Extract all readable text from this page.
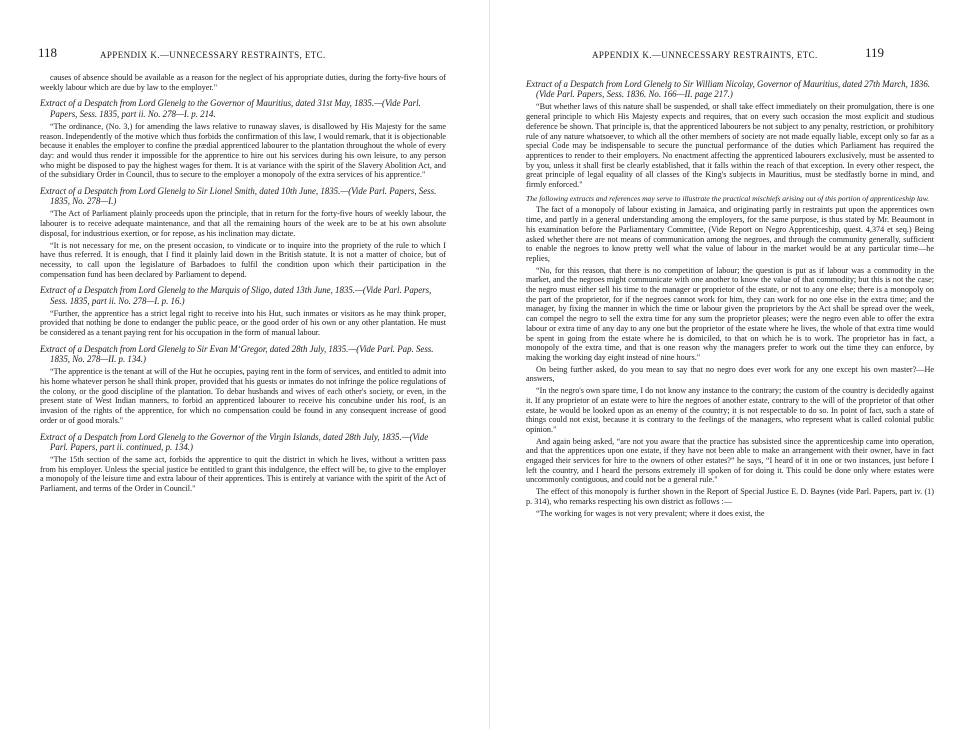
118	APPENDIX K.—UNNECESSARY RESTRAINTS, ETC.

causes of absence should be available as a reason for the neglect of his appropriate duties, during the forty-five hours of weekly labour which are due by law to the employer."

Extract of a Despatch from Lord Glenelg to the Governor of Mauritius, dated 31st May, 1835.—(Vide Parl. Papers, Sess. 1835, part ii. No. 278—I. p. 214.

“The ordinance, (No. 3,) for amending the laws relative to runaway slaves, is disallowed by His Majesty for the same reason. Independently of the motive which thus forbids the confirmation of this law, I would remark, that it is objectionable because it enables the employer to confine the prædial apprenticed labourer to the plantation throughout the whole of every day: and would thus render it impossible for the apprentice to hire out his services during his own leisure, to any person who might be disposed to pay the highest wages for them. It is at variance with the spirit of the Slavery Abolition Act, and of the subsidiary Order in Council, thus to secure to the employer a monopoly of the extra services of his apprentice."

Extract of a Despatch from Lord Glenelg to Sir Lionel Smith, dated 10th June, 1835.—(Vide Parl. Papers, Sess. 1835, No. 278—I.)

“The Act of Parliament plainly proceeds upon the principle, that in return for the forty-five hours of weekly labour, the labourer is to receive adequate maintenance, and that all the remaining hours of the week are to be at his own absolute disposal, for industrious exertion, or for repose, as his inclination may dictate.

“It is not necessary for me, on the present occasion, to vindicate or to inquire into the propriety of the rule to which I have thus referred. It is enough, that I find it plainly laid down in the British statute. It is not a matter of choice, but of necessity, to call upon the legislature of Barbadoes to fulfil the condition upon which their participation in the compensation fund has been declared by Parliament to depend.

Extract of a Despatch from Lord Glenelg to the Marquis of Sligo, dated 13th June, 1835.—(Vide Parl. Papers, Sess. 1835, part ii. No. 278—I. p. 16.)

“Further, the apprentice has a strict legal right to receive into his Hut, such inmates or visitors as he may think proper, provided that nothing be done to endanger the public peace, or the good order of his own or any other plantation. He must be considered as a tenant paying rent for his occupation in the form of manual labour.

Extract of a Despatch from Lord Glenelg to Sir Evan M‘Gregor, dated 28th July, 1835.—(Vide Parl. Pap. Sess. 1835, No. 278—II. p. 134.)

“The apprentice is the tenant at will of the Hut he occupies, paying rent in the form of services, and entitled to admit into his home whatever person he shall think proper, provided that his guests or inmates do not infringe the police regulations of the colony, or the good discipline of the plantation. To debar husbands and wives of each other's society, or even, in the present state of West Indian manners, to forbid an apprenticed labourer to receive his concubine under his roof, is an invasion of the rights of the apprentice, for which no compensation could be found in any consequent increase of good order or of good morals."

Extract of a Despatch from Lord Glenelg to the Governor of the Virgin Islands, dated 28th July, 1835.—(Vide Parl. Papers, part ii. continued, p. 134.)

“The 15th section of the same act, forbids the apprentice to quit the district in which he lives, without a written pass from his employer. Unless the special justice be entitled to grant this indulgence, the effect will be, to give to the employer a monopoly of the leisure time and extra labour of their apprentices. This is entirely at variance with the spirit of the Act of Parliament, and terms of the Order in Council."

119
APPENDIX K.—UNNECESSARY RESTRAINTS, ETC.

Extract of a Despatch from Lord Glenelg to Sir William Nicolay, Governor of Mauritius, dated 27th March, 1836. (Vide Parl. Papers, Sess. 1836. No. 166—II. page 217.)

“But whether laws of this nature shall be suspended, or shall take effect immediately on their promulgation, there is one general principle to which His Majesty expects and requires, that on every such occasion the most explicit and studious deference be shown. That principle is, that the apprenticed labourers be not subject to any penalty, restriction, or prohibitory rule of any nature whatsoever, to which all the other members of society are not made equally liable, except only so far as a special Code may be indispensable to secure the punctual performance of the duties which Parliament has required the apprentices to render to their employers. No enactment affecting the apprenticed labourers exclusively, must be assented to by you, unless it shall first be clearly established, that it falls within the reach of that exception. In every other respect, the great principle of legal equality of all classes of the King's subjects in Mauritius, must be stedfastly borne in mind, and firmly enforced."

The following extracts and references may serve to illustrate the practical mischiefs arising out of this portion of apprenticeship law.

The fact of a monopoly of labour existing in Jamaica, and originating partly in restraints put upon the apprentices own time, and partly in a general understanding among the employers, for the same purpose, is thus stated by Mr. Beaumont in his examination before the Parliamentary Committee, (Vide Report on Negro Apprenticeship, quest. 4,374 et seq.) Being asked whether there are not means of communication among the negroes, and through the community generally, sufficient to enable the negroes to know pretty well what the value of labour in the market would be at any particular time—he replies,

“No, for this reason, that there is no competition of labour; the question is put as if labour was a commodity in the market, and the negroes might communicate with one another to know the value of that commodity; but this is not the case; the negro must either sell his time to the manager or proprietor of the estate, or not to any one else; there is a monopoly on the part of the proprietor, for if the negroes cannot work for him, they can work for no one else in the extra time; and the manager, by fixing the manner in which the time or labour given the proprietors by the Act shall be spread over the week, can compel the negro to sell the extra time for any sum the proprietor pleases; were the negro even able to offer the extra labour or extra time of any day to any one but the proprietor of the estate where he lives, the whole of that extra time would be spent in going from the estate where he is domiciled, to that on which he is to work. The proprietor has in fact, a monopoly of the extra time, and that is one reason why the managers prefer to work out the time they can enforce, by making the working day eight instead of nine hours."

On being further asked, do you mean to say that no negro does ever work for any one except his own master?—He answers,

“In the negro's own spare time, I do not know any instance to the contrary; the custom of the country is decidedly against it. If any proprietor of an estate were to hire the negroes of another estate, contrary to the will of the proprietor of that other estate, he would be looked upon as an enemy of the country; it is not respectable to do so. In point of fact, such a state of things could not exist, because it is contrary to the feelings of the managers, who represent what is called colonial public opinion."

And again being asked, “are not you aware that the practice has subsisted since the apprenticeship came into operation, and that the apprentices upon one estate, if they have not been able to make an arrangement with their owner, have in fact engaged their services for hire to the owners of other estates?” he says, “I heard of it in one or two instances, just before I left the country, and I heard the persons extremely ill spoken of for doing it. This could be done only where estates were uncommonly contiguous, and could not be a general rule."

The effect of this monopoly is further shown in the Report of Special Justice E. D. Baynes (vide Parl. Papers, part iv. (1) p. 314), who remarks respecting his own district as follows :—

“The working for wages is not very prevalent; where it does exist, the
